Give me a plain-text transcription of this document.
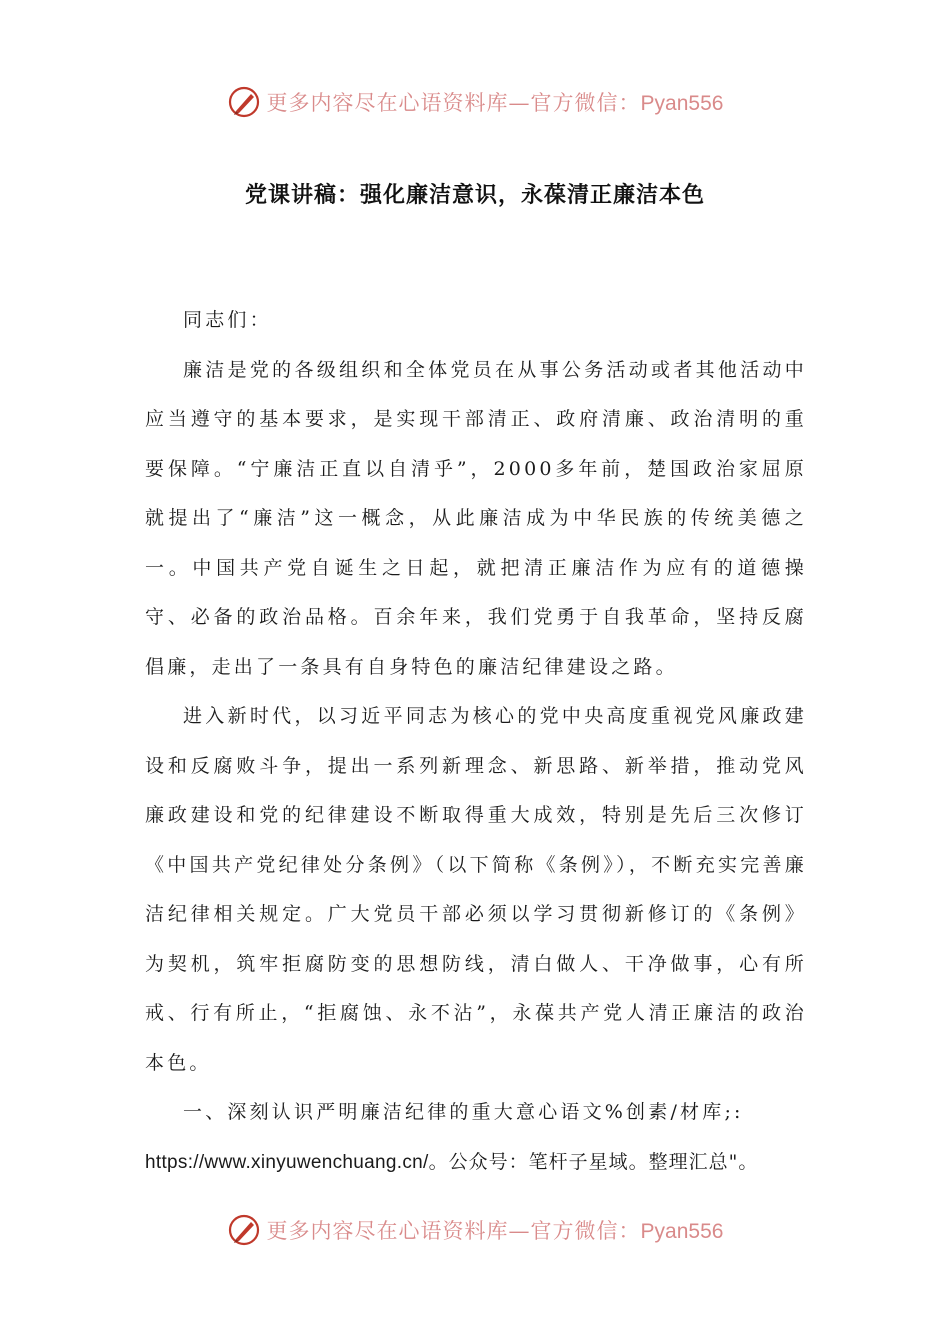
更多内容尽在心语资料库—官方微信：Pyan556
党课讲稿：强化廉洁意识，永葆清正廉洁本色

同志们：

廉洁是党的各级组织和全体党员在从事公务活动或者其他活动中应当遵守的基本要求，是实现干部清正、政府清廉、政治清明的重要保障。“宁廉洁正直以自清乎”，2000多年前，楚国政治家屈原就提出了“廉洁”这一概念，从此廉洁成为中华民族的传统美德之一。中国共产党自诞生之日起，就把清正廉洁作为应有的道德操守、必备的政治品格。百余年来，我们党勇于自我革命，坚持反腐倡廉，走出了一条具有自身特色的廉洁纪律建设之路。

进入新时代，以习近平同志为核心的党中央高度重视党风廉政建设和反腐败斗争，提出一系列新理念、新思路、新举措，推动党风廉政建设和党的纪律建设不断取得重大成效，特别是先后三次修订《中国共产党纪律处分条例》（以下简称《条例》），不断充实完善廉洁纪律相关规定。广大党员干部必须以学习贯彻新修订的《条例》为契机，筑牢拒腐防变的思想防线，清白做人、干净做事，心有所戒、行有所止，“拒腐蚀、永不沾”，永葆共产党人清正廉洁的政治本色。

一、深刻认识严明廉洁纪律的重大意心语文%创素/材库;:

https://www.xinyuwenchuang.cn/。公众号：笔杆子星域。整理汇总"。

更多内容尽在心语资料库—官方微信：Pyan556
